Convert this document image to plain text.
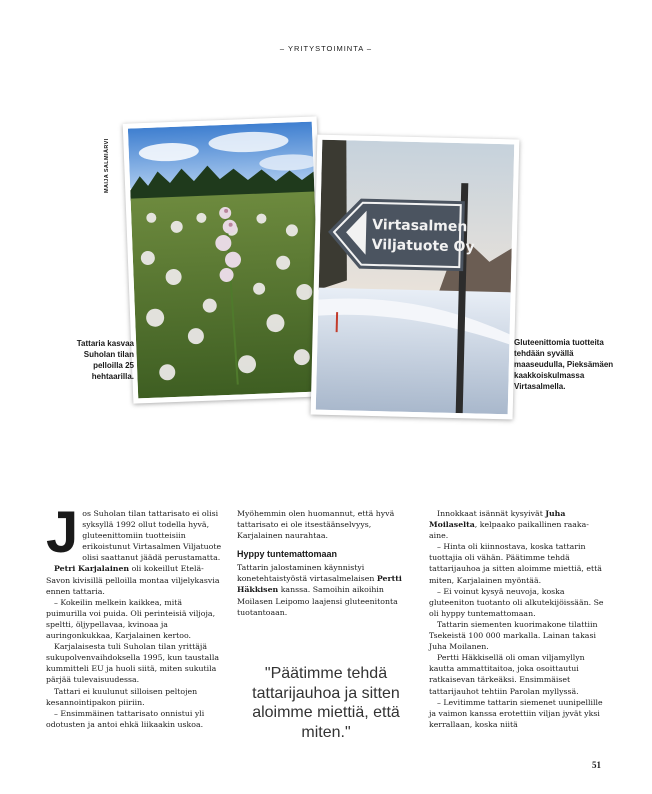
– YRITYSTOIMINTA –
Virtasalmen
Viljatuote Oy
MAIJA SALMIÄRVI
Tattaria kasvaa Suholan tilan pelloilla 25 hehtaarilla.
Gluteenittomia tuotteita tehdään syvällä maaseudulla, Pieksämäen kaakkoiskulmassa Virtasalmella.
J os Suholan tilan tattarisato ei olisi syksyllä 1992 ollut todella hyvä, gluteenittomiin tuotteisiin erikoistunut Virtasalmen Viljatuote olisi saattanut jäädä perustamatta.

Petri Karjalainen oli kokeillut Etelä-Savon kivisillä pelloilla montaa viljelykasvia ennen tattaria.

– Kokeilin melkein kaikkea, mitä puimurilla voi puida. Oli perinteisiä viljoja, speltti, öljypellavaa, kvinoaa ja auringonkukkaa, Karjalainen kertoo.

Karjalaisesta tuli Suholan tilan yrittäjä sukupolvenvaihdoksella 1995, kun taustalla kummitteli EU ja huoli siitä, miten sukutila pärjää tulevaisuudessa.

Tattari ei kuulunut silloisen peltojen kesannointipakon piiriin.

– Ensimmäinen tattarisato onnistui yli odotusten ja antoi ehkä liikaakin uskoa.

Myöhemmin olen huomannut, että hyvä tattarisato ei ole itsestäänselvyys, Karjalainen naurahtaa.

Hyppy tuntemattomaan

Tattarin jalostaminen käynnistyi konetehtaistyöstä virtasalmelaisen Pertti Häkkisen kanssa. Samoihin aikoihin Moilasen Leipomo laajensi gluteenitonta tuotantoaan.

"Päätimme tehdä tattarijauhoa ja sitten aloimme miettiä, että miten."

Innokkaat isännät kysyivät Juha Moilaselta, kelpaako paikallinen raaka-aine.

– Hinta oli kiinnostava, koska tattarin tuottajia oli vähän. Päätimme tehdä tattarijauhoa ja sitten aloimme miettiä, että miten, Karjalainen myöntää.

– Ei voinut kysyä neuvoja, koska gluteeniton tuotanto oli alkutekijöissään. Se oli hyppy tuntemattomaan.

Tattarin siementen kuorimakone tilattiin Tsekeistä 100 000 markalla. Lainan takasi Juha Moilanen.

Pertti Häkkisellä oli oman viljamyllyn kautta ammattitaitoa, joka osoittautui ratkaisevan tärkeäksi. Ensimmäiset tattarijauhot tehtiin Parolan myllyssä.

– Levitimme tattarin siemenet uunipellille ja vaimon kanssa erotettiin viljan jyvät yksi kerrallaan, koska niitä

51
